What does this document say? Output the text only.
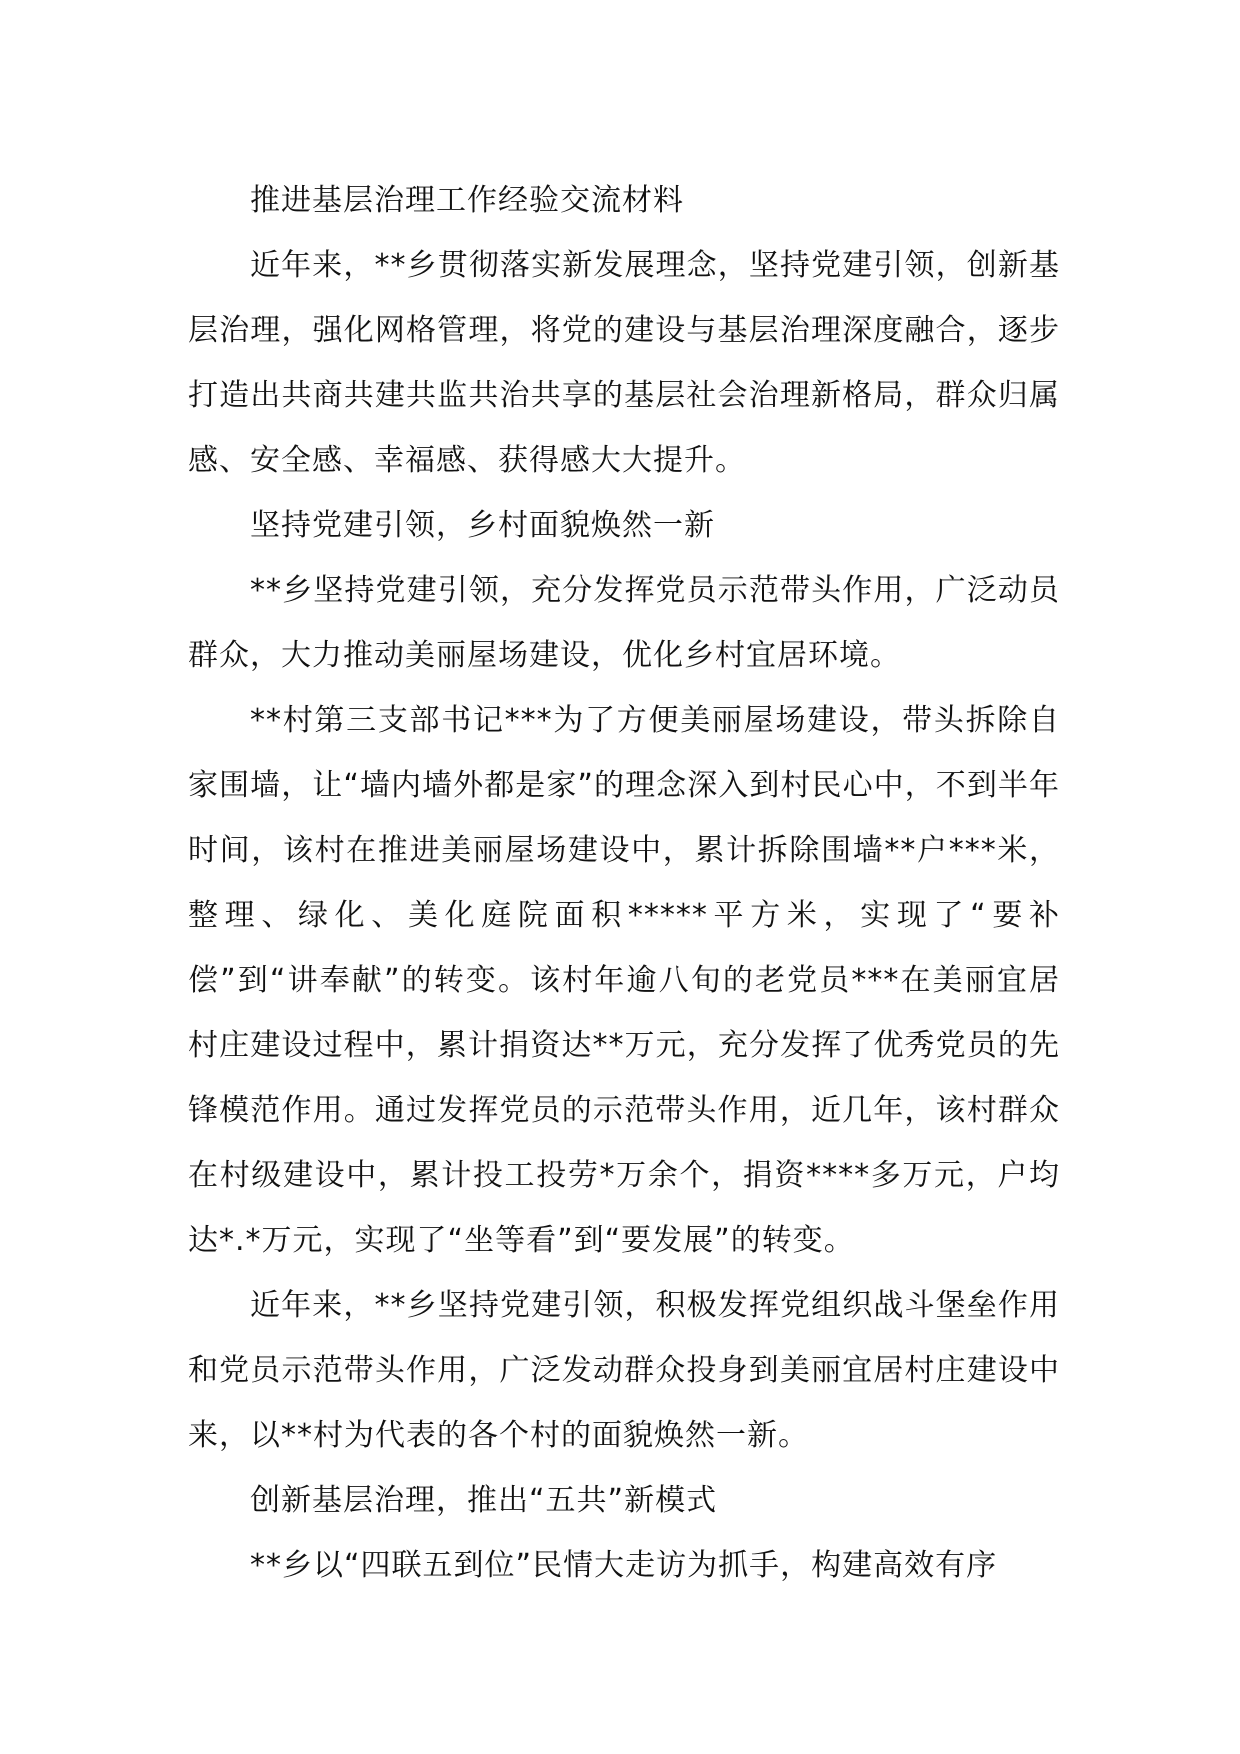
推进基层治理工作经验交流材料

近年来，**乡贯彻落实新发展理念，坚持党建引领，创新基层治理，强化网格管理，将党的建设与基层治理深度融合，逐步打造出共商共建共监共治共享的基层社会治理新格局，群众归属感、安全感、幸福感、获得感大大提升。

坚持党建引领，乡村面貌焕然一新

**乡坚持党建引领，充分发挥党员示范带头作用，广泛动员群众，大力推动美丽屋场建设，优化乡村宜居环境。

**村第三支部书记***为了方便美丽屋场建设，带头拆除自家围墙，让“墙内墙外都是家”的理念深入到村民心中，不到半年时间，该村在推进美丽屋场建设中，累计拆除围墙**户***米，整理、绿化、美化庭院面积*****平方米，实现了“要补偿”到“讲奉献”的转变。该村年逾八旬的老党员***在美丽宜居村庄建设过程中，累计捐资达**万元，充分发挥了优秀党员的先锋模范作用。通过发挥党员的示范带头作用，近几年，该村群众在村级建设中，累计投工投劳*万余个，捐资****多万元，户均达*.*万元，实现了“坐等看”到“要发展”的转变。

近年来，**乡坚持党建引领，积极发挥党组织战斗堡垒作用和党员示范带头作用，广泛发动群众投身到美丽宜居村庄建设中来，以**村为代表的各个村的面貌焕然一新。

创新基层治理，推出“五共”新模式

**乡以“四联五到位”民情大走访为抓手，构建高效有序
